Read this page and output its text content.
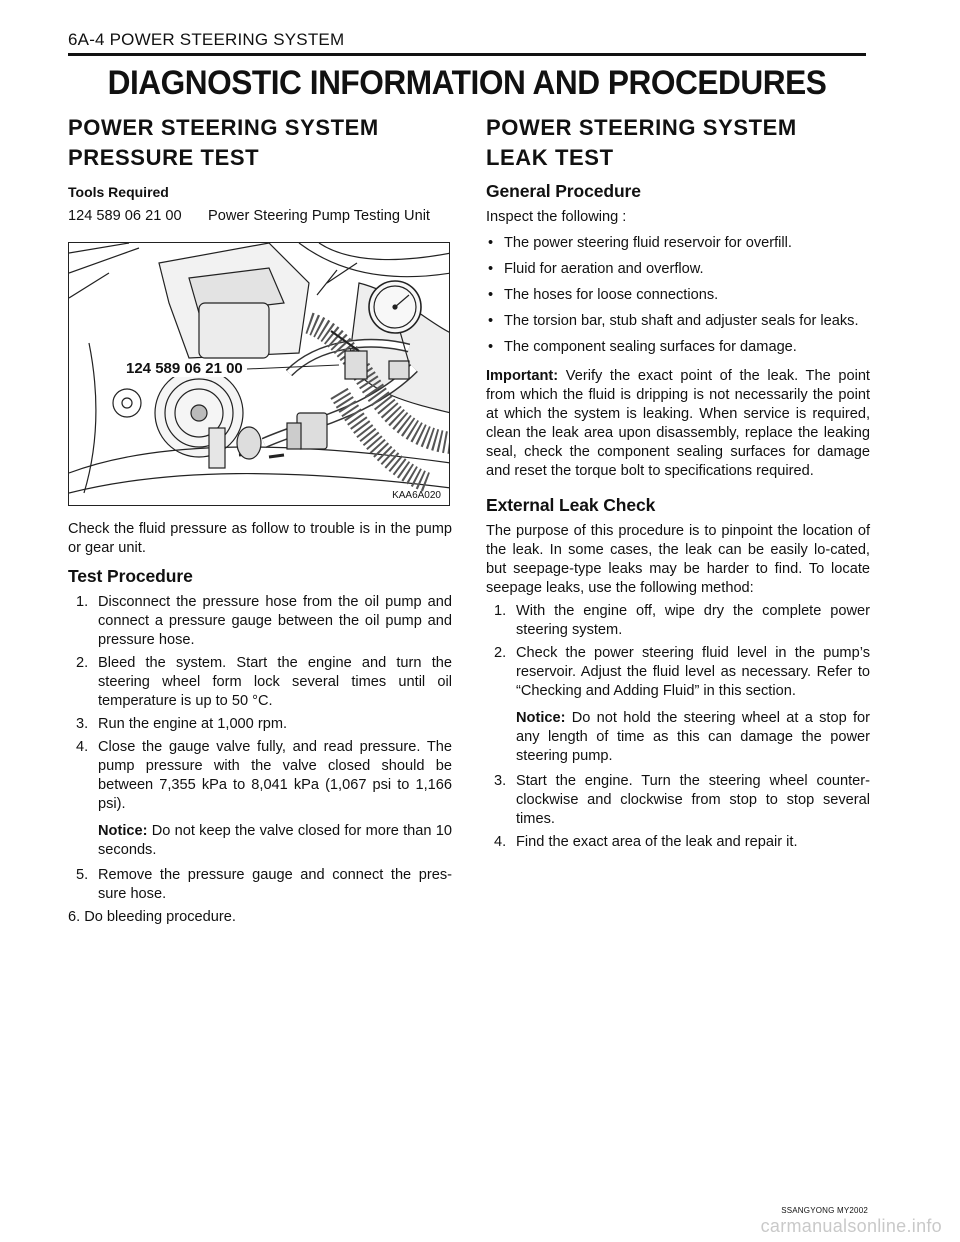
6A-4 POWER STEERING SYSTEM
DIAGNOSTIC INFORMATION AND PROCEDURES
POWER STEERING SYSTEM
PRESSURE TEST

Tools Required

124 589 06 21 00 Power Steering Pump Testing Unit

124 589 06 21 00
KAA6A020

Check the fluid pressure as follow to trouble is in the pump or gear unit.

Test Procedure
1. Disconnect the pressure hose from the oil pump and connect a pressure gauge between the oil pump and pressure hose.
2. Bleed the system. Start the engine and turn the steering wheel form lock several times until oil temperature is up to 50 °C.
3. Run the engine at 1,000 rpm.
4. Close the gauge valve fully, and read pressure. The pump pressure with the valve closed should be between 7,355 kPa to 8,041 kPa (1,067 psi to 1,166 psi).

Notice: Do not keep the valve closed for more than 10 seconds.

5. Remove the pressure gauge and connect the pres-sure hose.

6. Do bleeding procedure.

POWER STEERING SYSTEM
LEAK TEST
General Procedure

Inspect the following :

• The power steering fluid reservoir for overfill.
• Fluid for aeration and overflow.
• The hoses for loose connections.
• The torsion bar, stub shaft and adjuster seals for leaks.
• The component sealing surfaces for damage.

Important: Verify the exact point of the leak. The point from which the fluid is dripping is not necessarily the point at which the system is leaking. When service is required, clean the leak area upon disassembly, replace the leaking seal, check the component sealing surfaces for damage and reset the torque bolt to specifications required.

External Leak Check

The purpose of this procedure is to pinpoint the location of the leak. In some cases, the leak can be easily lo-cated, but seepage-type leaks may be harder to find. To locate seepage leaks, use the following method:

1. With the engine off, wipe dry the complete power steering system.
2. Check the power steering fluid level in the pump’s reservoir. Adjust the fluid level as necessary. Refer to “Checking and Adding Fluid” in this section.

Notice: Do not hold the steering wheel at a stop for any length of time as this can damage the power steering pump.

3. Start the engine. Turn the steering wheel counter-clockwise and clockwise from stop to stop several times.
4. Find the exact area of the leak and repair it.
SSANGYONG MY2002
carmanualsonline.info
